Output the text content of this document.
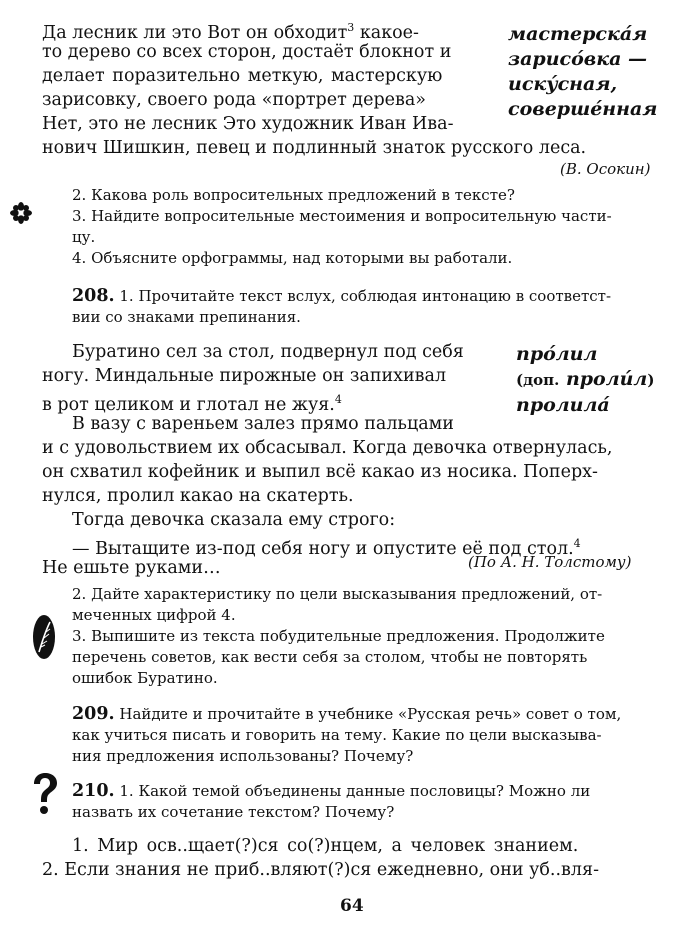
Да лесник ли это Вот он обходит$^3$ какое-
то дерево со всех сторон, достаёт блокнот и
делает поразительно меткую, мастерскую
зарисовку, своего рода «портрет дерева»
Нет, это не лесник Это художник Иван Ива-
нович Шишкин, певец и подлинный знаток русского леса.
(В. Осокин)
мастерска́я
зарисо́вка —
иску́сная,
соверше́нная
2. Какова роль вопросительных предложений в тексте?
3. Найдите вопросительные местоимения и вопросительную части-
цу.
4. Объясните орфограммы, над которыми вы работали.
208. 1. Прочитайте текст вслух, соблюдая интонацию в соответст-
вии со знаками препинания.
Буратино сел за стол, подвернул под себя
ногу. Миндальные пирожные он запихивал
в рот целиком и глотал не жуя.$^4$
В вазу с вареньем залез прямо пальцами
и с удовольствием их обсасывал. Когда девочка отвернулась,
он схватил кофейник и выпил всё какао из носика. Поперх-
нулся, пролил какао на скатерть.
Тогда девочка сказала ему строго:
— Вытащите из-под себя ногу и опустите её под стол.$^4$
Не ешьте руками…	(По А. Н. Толстому)
про́лил
(доп. проли́л)
пролила́
2. Дайте характеристику по цели высказывания предложений, от-
меченных цифрой 4.
3. Выпишите из текста побудительные предложения. Продолжите
перечень советов, как вести себя за столом, чтобы не повторять
ошибок Буратино.
209. Найдите и прочитайте в учебнике «Русская речь» совет о том,
как учиться писать и говорить на тему. Какие по цели высказыва-
ния предложения использованы? Почему?
210. 1. Какой темой объединены данные пословицы? Можно ли
назвать их сочетание текстом? Почему?
1. Мир осв..щает(?)ся со(?)нцем, а человек знанием.
2. Если знания не приб..вляют(?)ся ежедневно, они уб..вля-
64
